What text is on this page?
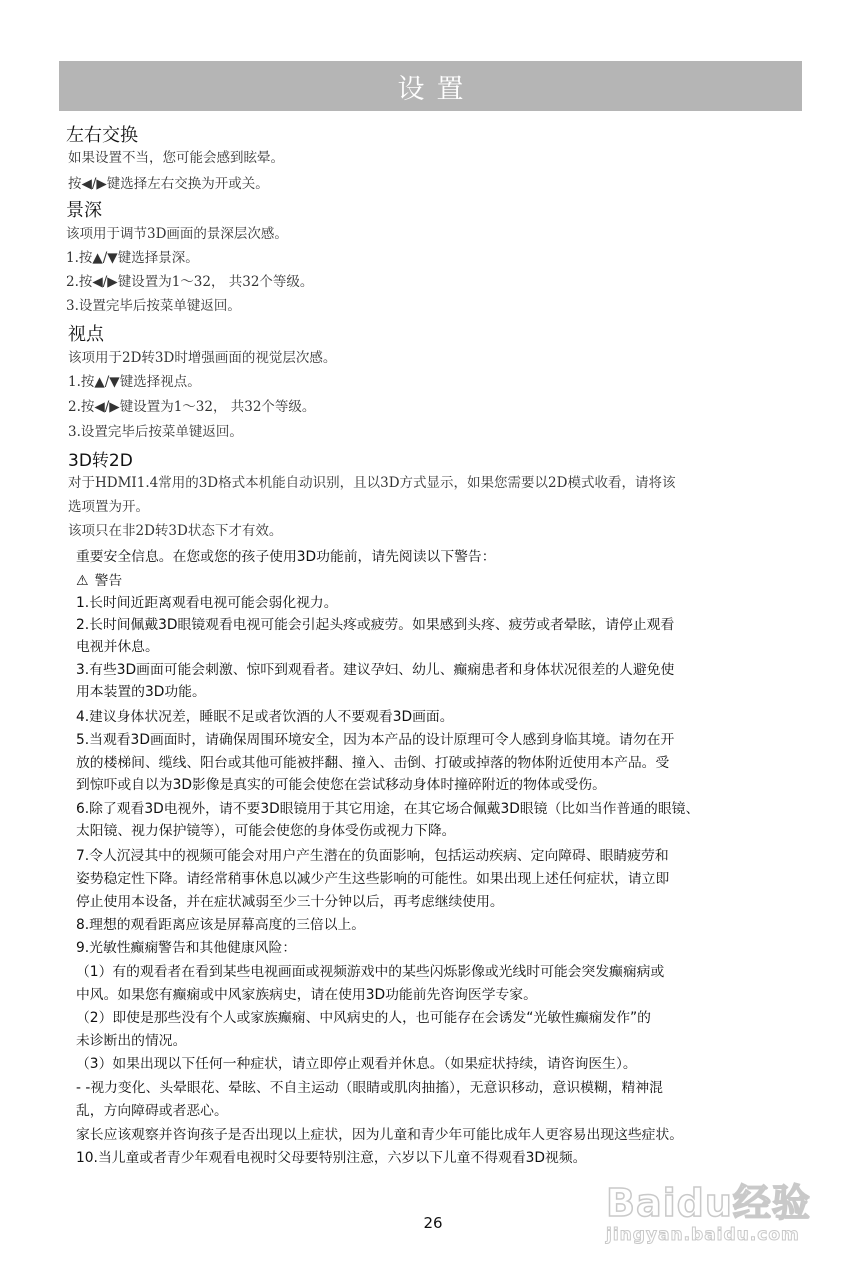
设置
左右交换
如果设置不当，您可能会感到眩晕。
按◀/▶键选择左右交换为开或关。
景深
该项用于调节3D画面的景深层次感。
1.按▲/▼键选择景深。
2.按◀/▶键设置为1～32， 共32个等级。
3.设置完毕后按菜单键返回。
视点
该项用于2D转3D时增强画面的视觉层次感。
1.按▲/▼键选择视点。
2.按◀/▶键设置为1～32， 共32个等级。
3.设置完毕后按菜单键返回。
3D转2D
对于HDMI1.4常用的3D格式本机能自动识别，且以3D方式显示，如果您需要以2D模式收看，请将该
选项置为开。
该项只在非2D转3D状态下才有效。
重要安全信息。在您或您的孩子使用3D功能前，请先阅读以下警告：
⚠ 警告
1.长时间近距离观看电视可能会弱化视力。
2.长时间佩戴3D眼镜观看电视可能会引起头疼或疲劳。如果感到头疼、疲劳或者晕眩，请停止观看
电视并休息。
3.有些3D画面可能会刺激、惊吓到观看者。建议孕妇、幼儿、癫痫患者和身体状况很差的人避免使
用本装置的3D功能。
4.建议身体状况差，睡眠不足或者饮酒的人不要观看3D画面。
5.当观看3D画面时，请确保周围环境安全，因为本产品的设计原理可令人感到身临其境。请勿在开
放的楼梯间、缆线、阳台或其他可能被拌翻、撞入、击倒、打破或掉落的物体附近使用本产品。受
到惊吓或自以为3D影像是真实的可能会使您在尝试移动身体时撞碎附近的物体或受伤。
6.除了观看3D电视外，请不要3D眼镜用于其它用途，在其它场合佩戴3D眼镜（比如当作普通的眼镜、
太阳镜、视力保护镜等），可能会使您的身体受伤或视力下降。
7.令人沉浸其中的视频可能会对用户产生潜在的负面影响，包括运动疾病、定向障碍、眼睛疲劳和
姿势稳定性下降。请经常稍事休息以减少产生这些影响的可能性。如果出现上述任何症状，请立即
停止使用本设备，并在症状减弱至少三十分钟以后，再考虑继续使用。
8.理想的观看距离应该是屏幕高度的三倍以上。
9.光敏性癫痫警告和其他健康风险：
（1）有的观看者在看到某些电视画面或视频游戏中的某些闪烁影像或光线时可能会突发癫痫病或
中风。如果您有癫痫或中风家族病史，请在使用3D功能前先咨询医学专家。
（2）即使是那些没有个人或家族癫痫、中风病史的人，也可能存在会诱发“光敏性癫痫发作”的
未诊断出的情况。
（3）如果出现以下任何一种症状，请立即停止观看并休息。（如果症状持续，请咨询医生）。
- -视力变化、头晕眼花、晕眩、不自主运动（眼睛或肌肉抽搐），无意识移动，意识模糊，精神混
乱，方向障碍或者恶心。
家长应该观察并咨询孩子是否出现以上症状，因为儿童和青少年可能比成年人更容易出现这些症状。
10.当儿童或者青少年观看电视时父母要特别注意，六岁以下儿童不得观看3D视频。
26	Baidu经验
jingyan.baidu.com
